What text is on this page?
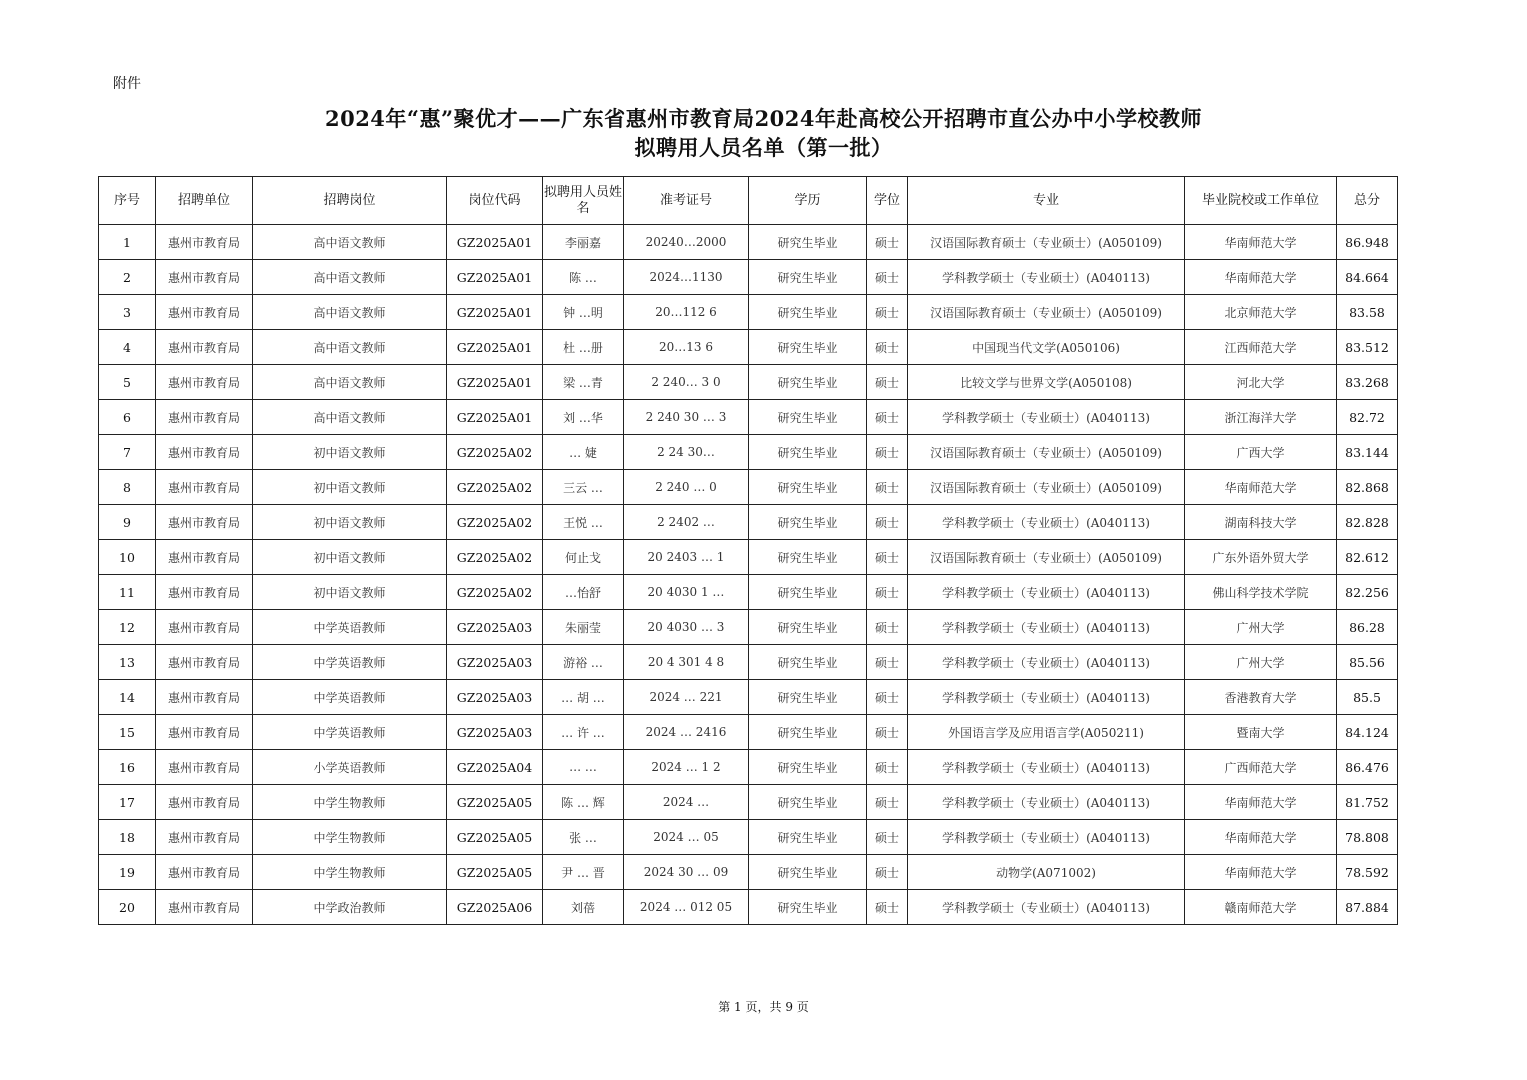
附件
2024年“惠”聚优才——广东省惠州市教育局2024年赴高校公开招聘市直公办中小学校教师
拟聘用人员名单（第一批）
序号	招聘单位	招聘岗位	岗位代码	拟聘用人员姓名	准考证号	学历	学位	专业	毕业院校或工作单位	总分
1	惠州市教育局	高中语文教师	GZ2025A01	李丽嘉	20240…2000	研究生毕业	硕士	汉语国际教育硕士（专业硕士）(A050109)	华南师范大学	86.948
2	惠州市教育局	高中语文教师	GZ2025A01	陈 …	2024…1130	研究生毕业	硕士	学科教学硕士（专业硕士）(A040113)	华南师范大学	84.664
3	惠州市教育局	高中语文教师	GZ2025A01	钟 …明	20…112 6	研究生毕业	硕士	汉语国际教育硕士（专业硕士）(A050109)	北京师范大学	83.58
4	惠州市教育局	高中语文教师	GZ2025A01	杜 …册	20…13 6	研究生毕业	硕士	中国现当代文学(A050106)	江西师范大学	83.512
5	惠州市教育局	高中语文教师	GZ2025A01	梁 …青	2 240… 3 0	研究生毕业	硕士	比较文学与世界文学(A050108)	河北大学	83.268
6	惠州市教育局	高中语文教师	GZ2025A01	刘 …华	2 240 30 … 3	研究生毕业	硕士	学科教学硕士（专业硕士）(A040113)	浙江海洋大学	82.72
7	惠州市教育局	初中语文教师	GZ2025A02	… 婕	2 24 30…	研究生毕业	硕士	汉语国际教育硕士（专业硕士）(A050109)	广西大学	83.144
8	惠州市教育局	初中语文教师	GZ2025A02	三云 …	2 240 … 0	研究生毕业	硕士	汉语国际教育硕士（专业硕士）(A050109)	华南师范大学	82.868
9	惠州市教育局	初中语文教师	GZ2025A02	王悦 …	2 2402 …	研究生毕业	硕士	学科教学硕士（专业硕士）(A040113)	湖南科技大学	82.828
10	惠州市教育局	初中语文教师	GZ2025A02	何止戈	20 2403 … 1	研究生毕业	硕士	汉语国际教育硕士（专业硕士）(A050109)	广东外语外贸大学	82.612
11	惠州市教育局	初中语文教师	GZ2025A02	…怡舒	20 4030 1 …	研究生毕业	硕士	学科教学硕士（专业硕士）(A040113)	佛山科学技术学院	82.256
12	惠州市教育局	中学英语教师	GZ2025A03	朱丽莹	20 4030 … 3	研究生毕业	硕士	学科教学硕士（专业硕士）(A040113)	广州大学	86.28
13	惠州市教育局	中学英语教师	GZ2025A03	游裕 …	20 4 301 4 8	研究生毕业	硕士	学科教学硕士（专业硕士）(A040113)	广州大学	85.56
14	惠州市教育局	中学英语教师	GZ2025A03	… 胡 …	2024 … 221	研究生毕业	硕士	学科教学硕士（专业硕士）(A040113)	香港教育大学	85.5
15	惠州市教育局	中学英语教师	GZ2025A03	… 许 …	2024 … 2416	研究生毕业	硕士	外国语言学及应用语言学(A050211)	暨南大学	84.124
16	惠州市教育局	小学英语教师	GZ2025A04	… …	2024 … 1 2	研究生毕业	硕士	学科教学硕士（专业硕士）(A040113)	广西师范大学	86.476
17	惠州市教育局	中学生物教师	GZ2025A05	陈 … 辉	2024 …	研究生毕业	硕士	学科教学硕士（专业硕士）(A040113)	华南师范大学	81.752
18	惠州市教育局	中学生物教师	GZ2025A05	张 …	2024 … 05	研究生毕业	硕士	学科教学硕士（专业硕士）(A040113)	华南师范大学	78.808
19	惠州市教育局	中学生物教师	GZ2025A05	尹 … 晋	2024 30 … 09	研究生毕业	硕士	动物学(A071002)	华南师范大学	78.592
20	惠州市教育局	中学政治教师	GZ2025A06	刘蓓	2024 … 012 05	研究生毕业	硕士	学科教学硕士（专业硕士）(A040113)	赣南师范大学	87.884
第 1 页，共 9 页
